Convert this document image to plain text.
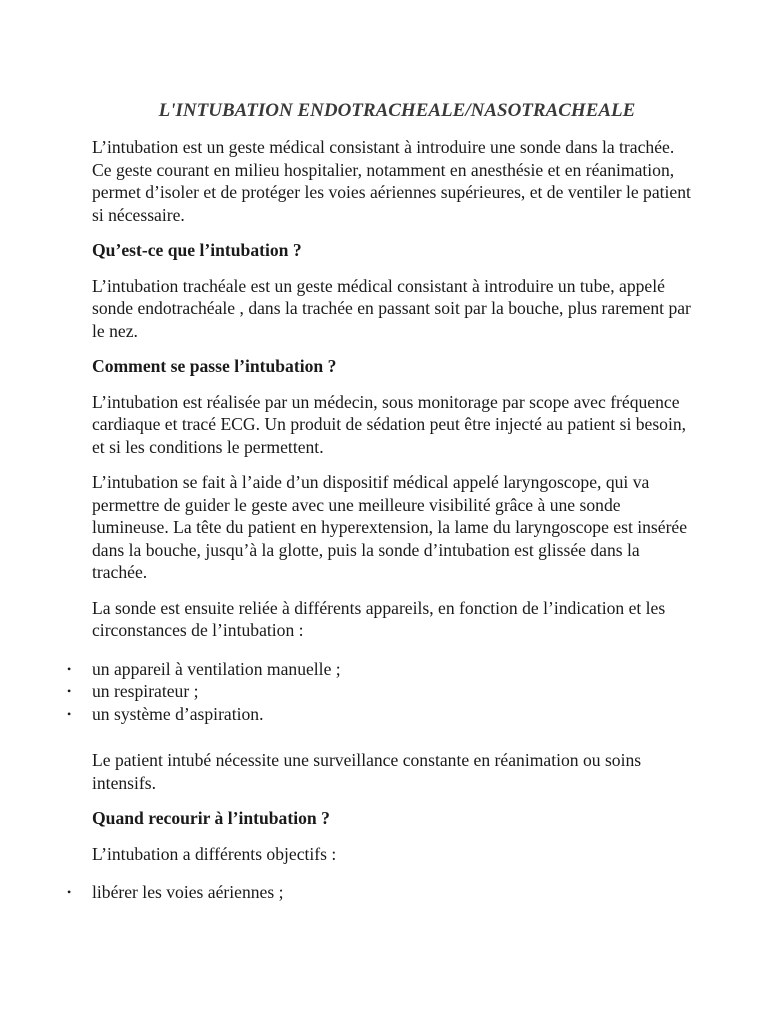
L'INTUBATION ENDOTRACHEALE/NASOTRACHEALE

L’intubation est un geste médical consistant à introduire une sonde dans la trachée. Ce geste courant en milieu hospitalier, notamment en anesthésie et en réanimation, permet d’isoler et de protéger les voies aériennes supérieures, et de ventiler le patient si nécessaire.

Qu’est-ce que l’intubation ?

L’intubation trachéale est un geste médical consistant à introduire un tube, appelé sonde endotrachéale , dans la trachée en passant soit par la bouche, plus rarement par le nez.

Comment se passe l’intubation ?

L’intubation est réalisée par un médecin, sous monitorage par scope avec fréquence cardiaque et tracé ECG. Un produit de sédation peut être injecté au patient si besoin, et si les conditions le permettent.

L’intubation se fait à l’aide d’un dispositif médical appelé laryngoscope, qui va permettre de guider le geste avec une meilleure visibilité grâce à une sonde lumineuse. La tête du patient en hyperextension, la lame du laryngoscope est insérée dans la bouche, jusqu’à la glotte, puis la sonde d’intubation est glissée dans la trachée.

La sonde est ensuite reliée à différents appareils, en fonction de l’indication et les circonstances de l’intubation :

• un appareil à ventilation manuelle ;
• un respirateur ;
• un système d’aspiration.

Le patient intubé nécessite une surveillance constante en réanimation ou soins intensifs.

Quand recourir à l’intubation ?

L’intubation a différents objectifs :

• libérer les voies aériennes ;
